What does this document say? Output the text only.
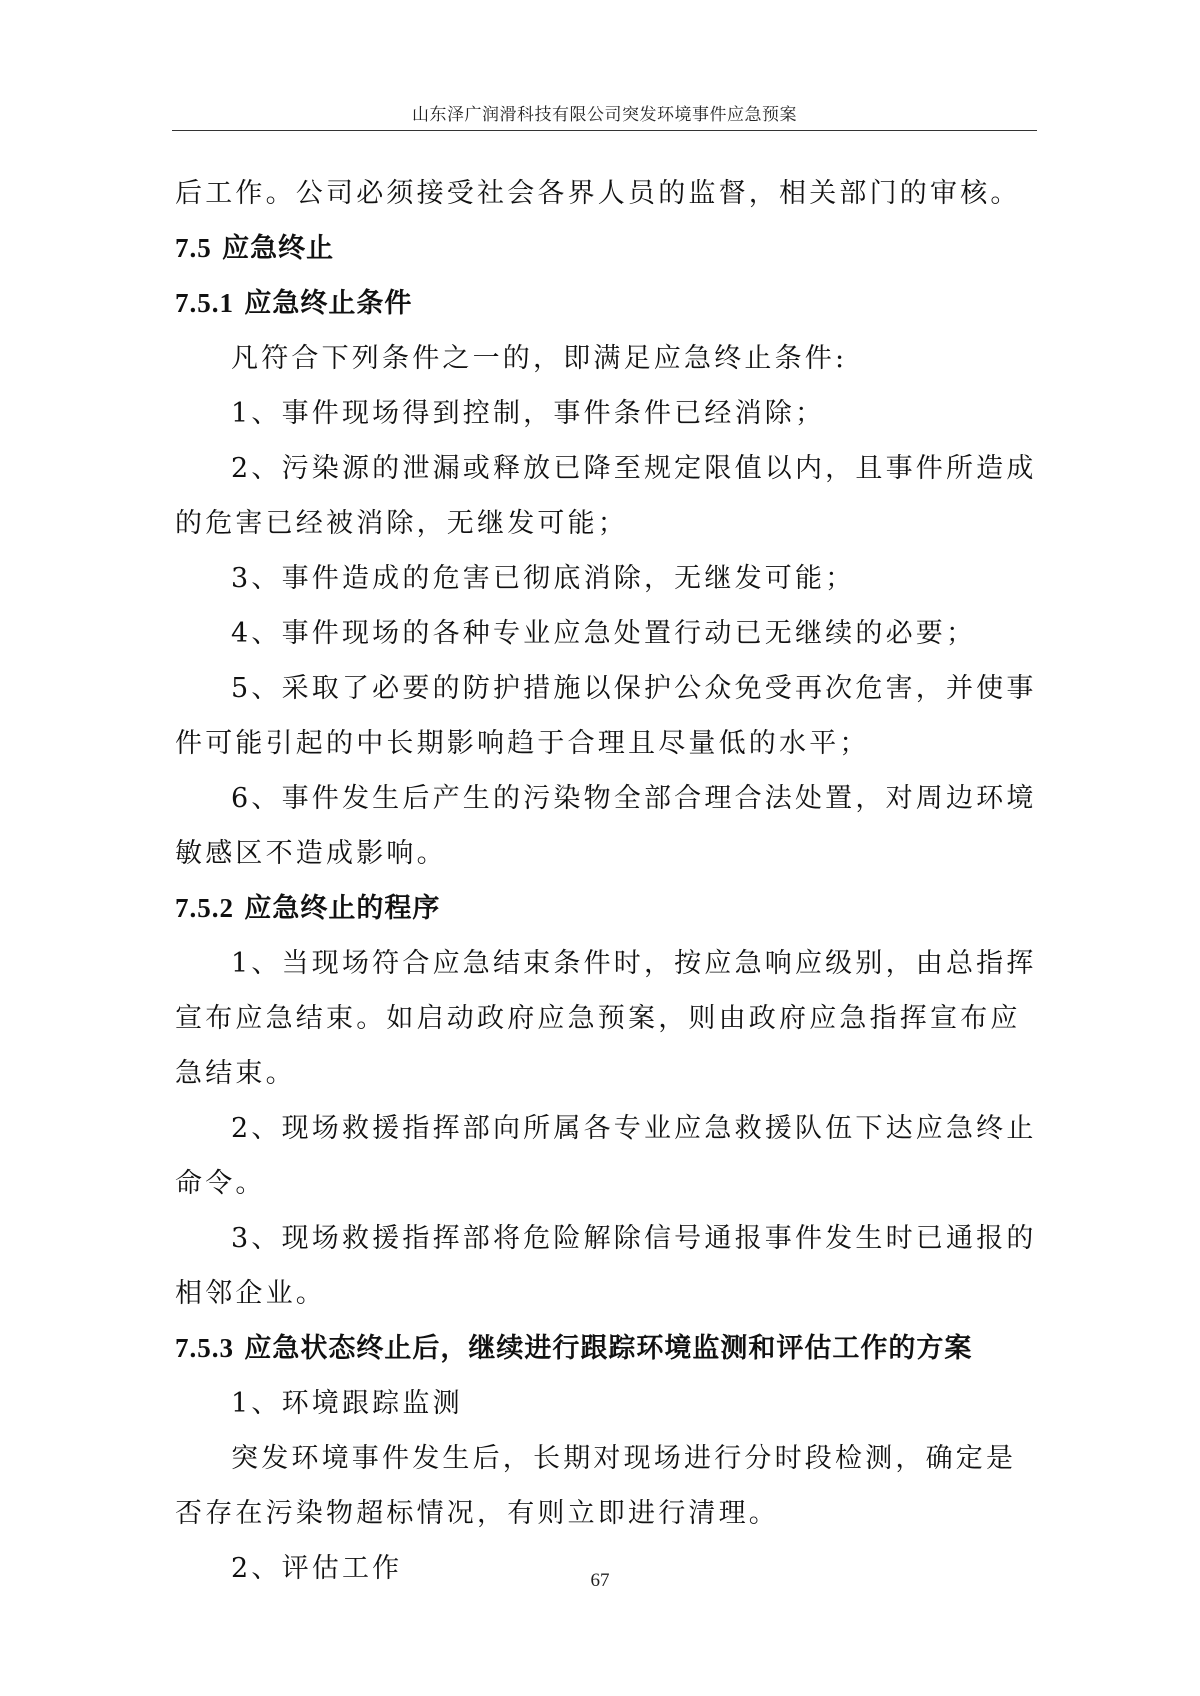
山东泽广润滑科技有限公司突发环境事件应急预案

后工作。公司必须接受社会各界人员的监督，相关部门的审核。

7.5 应急终止

7.5.1 应急终止条件

凡符合下列条件之一的，即满足应急终止条件:

1、事件现场得到控制，事件条件已经消除；

2、污染源的泄漏或释放已降至规定限值以内，且事件所造成的危害已经被消除，无继发可能；

3、事件造成的危害已彻底消除，无继发可能；

4、事件现场的各种专业应急处置行动已无继续的必要；

5、采取了必要的防护措施以保护公众免受再次危害，并使事件可能引起的中长期影响趋于合理且尽量低的水平；

6、事件发生后产生的污染物全部合理合法处置，对周边环境敏感区不造成影响。

7.5.2 应急终止的程序

1、当现场符合应急结束条件时，按应急响应级别，由总指挥宣布应急结束。如启动政府应急预案，则由政府应急指挥宣布应急结束。

2、现场救援指挥部向所属各专业应急救援队伍下达应急终止命令。

3、现场救援指挥部将危险解除信号通报事件发生时已通报的相邻企业。

7.5.3 应急状态终止后，继续进行跟踪环境监测和评估工作的方案

1、环境跟踪监测

突发环境事件发生后，长期对现场进行分时段检测，确定是否存在污染物超标情况，有则立即进行清理。

2、评估工作	67
